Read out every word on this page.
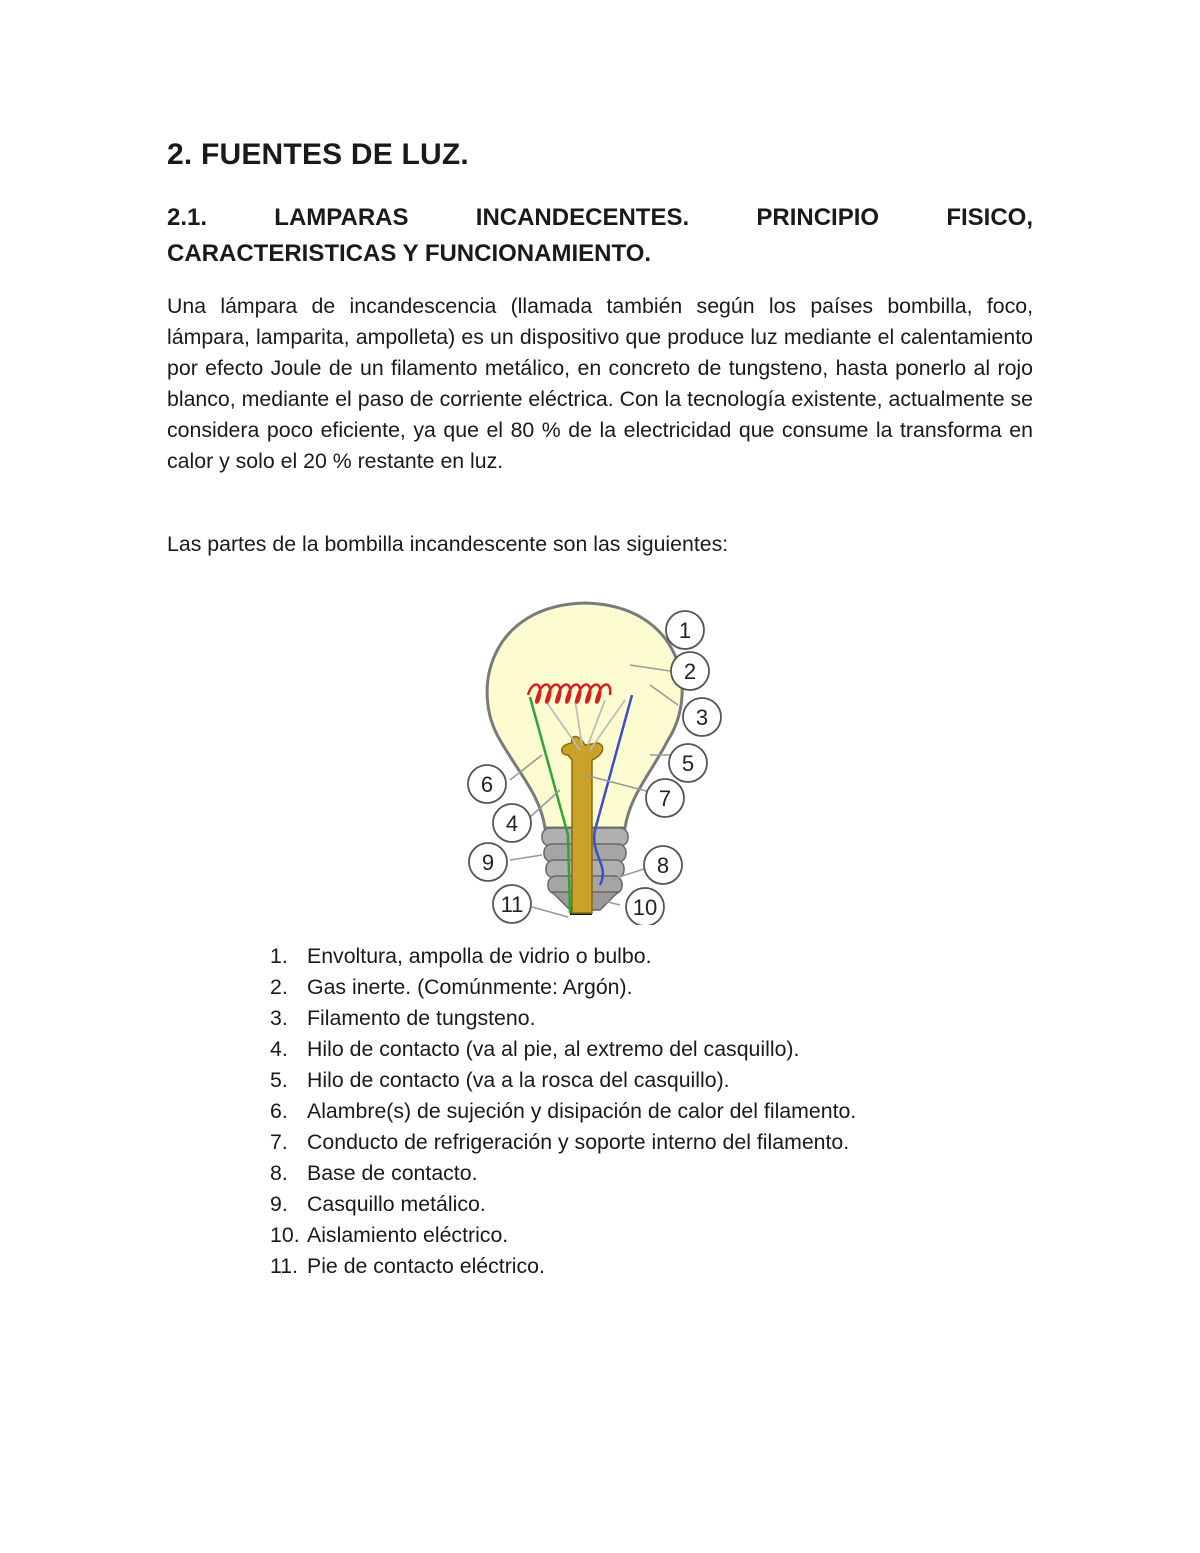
2. FUENTES DE LUZ.
2.1. LAMPARAS INCANDECENTES. PRINCIPIO FISICO,
CARACTERISTICAS Y FUNCIONAMIENTO.

Una lámpara de incandescencia (llamada también según los países bombilla, foco, lámpara, lamparita, ampolleta) es un dispositivo que produce luz mediante el calentamiento por efecto Joule de un filamento metálico, en concreto de tungsteno, hasta ponerlo al rojo blanco, mediante el paso de corriente eléctrica. Con la tecnología existente, actualmente se considera poco eficiente, ya que el 80 % de la electricidad que consume la transforma en calor y solo el 20 % restante en luz.

Las partes de la bombilla incandescente son las siguientes:

1
2
3
5
7
6
4
9	8
10
11
1. Envoltura, ampolla de vidrio o bulbo.
2. Gas inerte. (Comúnmente: Argón).
3. Filamento de tungsteno.
4. Hilo de contacto (va al pie, al extremo del casquillo).
5. Hilo de contacto (va a la rosca del casquillo).
6. Alambre(s) de sujeción y disipación de calor del filamento.
7. Conducto de refrigeración y soporte interno del filamento.
8. Base de contacto.
9. Casquillo metálico.
10. Aislamiento eléctrico.
11. Pie de contacto eléctrico.
